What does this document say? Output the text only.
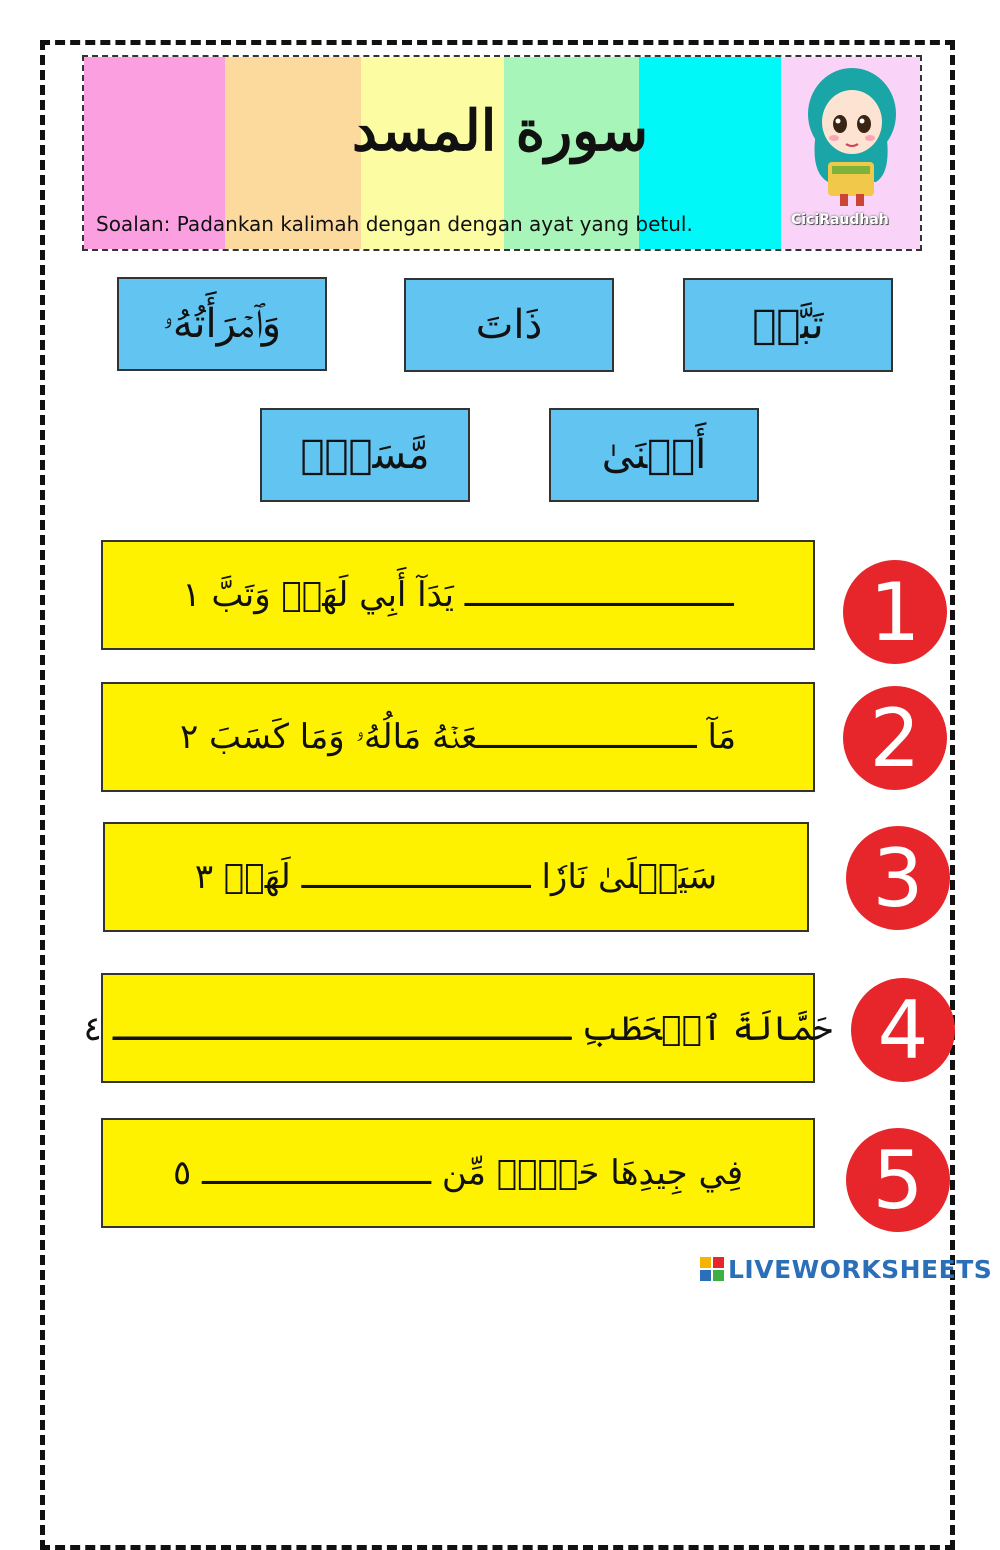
سورة المسد
Soalan: Padankan kalimah dengan dengan ayat yang betul.	CiciRaudhah
تَبَّتۡ
ذَاتَ
وَٱمۡرَأَتُهُۥ
أَغۡنَىٰ
مَّسَدِۭ
ـــــــــــــــــــــــــــ يَدَآ أَبِي لَهَبٖ وَتَبَّ ١	1
مَآ ــــــــــــــــــــــعَنۡهُ مَالُهُۥ وَمَا كَسَبَ ٢	2
سَيَصۡلَىٰ نَارٗا ـــــــــــــــــــــــ لَهَبٖ ٣	3
حَمَّالَةَ ٱلۡحَطَبِ ـــــــــــــــــــــــ ٤ 4
فِي جِيدِهَا حَبۡلٞ مِّن ـــــــــــــــــــــــ ٥	5
LIVEWORKSHEETS
